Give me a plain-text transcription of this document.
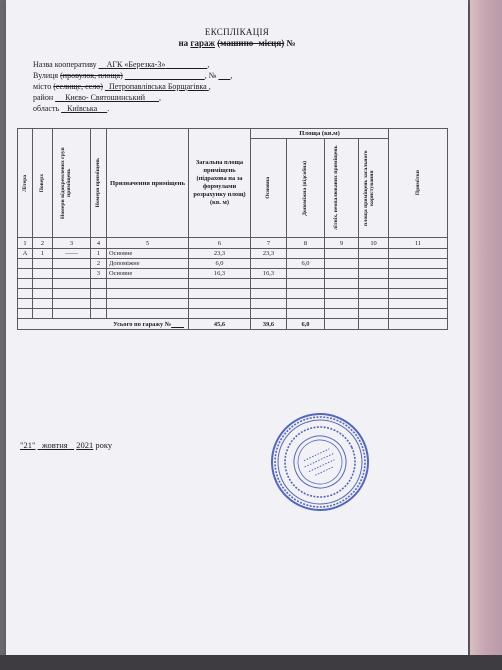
ЕКСПЛІКАЦІЯ
на гараж (машино- місця) №
Назва кооперативу АГК «Березка-3»	,
Вулиця (провулок, площа)	, № ,
місто (селище, село) Петропавлівська Борщагівка ,
район Києво- Святошинський ,
область Київська .
Літера	Поверх	Номери відокремлених груп приміщень	Номери приміщень	Призначення приміщень	Загальна площа приміщень (підрахова на за формулами розрахунку площ) (кв. м)	Площа (кв.м)				Примітки

						Основна	Допоміжна (підсобна)	літніх, неопалюваних приміщень	площа приміщень загального користування	

1	2	3	4	5	6	7	8	9	10	11
А	1	——	1	Основне	23,3	23,3				
			2	Допоміжне	6,0		6,0			
			3	Основне	16,3	16,3				

Усього по гаражу №					45,6	39,6	6,0			
"21" жовтня 2021 року
